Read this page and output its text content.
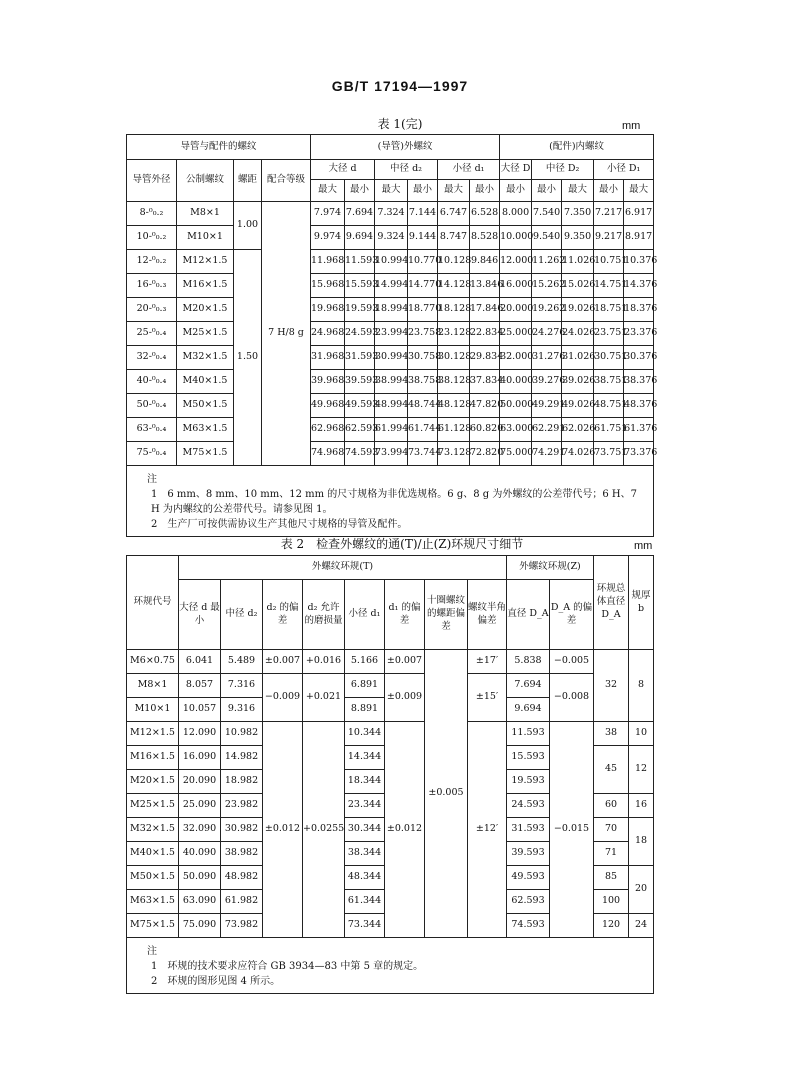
GB/T 17194—1997
表 1(完)	mm
导管与配件的螺纹				(导管)外螺纹						(配件)内螺纹				
导管外径	公制螺纹	螺距	配合等级	大径 d		中径 d₂		小径 d₁		大径 D	中径 D₂		小径 D₁	
				最大	最小	最大	最小	最大	最小	最小	最小	最大	最小	最大
8-⁰₀.₂	M8×1	1.00	7 H/8 g	7.974	7.694	7.324	7.144	6.747	6.528	8.000	7.540	7.350	7.217	6.917
10-⁰₀.₂	M10×1			9.974	9.694	9.324	9.144	8.747	8.528	10.000	9.540	9.350	9.217	8.917
12-⁰₀.₂	M12×1.5	1.50		11.968	11.593	10.994	10.770	10.128	9.846	12.000	11.262	11.026	10.751	10.376
16-⁰₀.₃	M16×1.5			15.968	15.593	14.994	14.770	14.128	13.846	16.000	15.262	15.026	14.751	14.376
20-⁰₀.₃	M20×1.5			19.968	19.593	18.994	18.770	18.128	17.846	20.000	19.262	19.026	18.751	18.376
25-⁰₀.₄	M25×1.5			24.968	24.593	23.994	23.758	23.128	22.834	25.000	24.276	24.026	23.751	23.376
32-⁰₀.₄	M32×1.5			31.968	31.593	30.994	30.758	30.128	29.834	32.000	31.276	31.026	30.751	30.376
40-⁰₀.₄	M40×1.5			39.968	39.593	38.994	38.758	38.128	37.834	40.000	39.276	39.026	38.751	38.376
50-⁰₀.₄	M50×1.5			49.968	49.593	48.994	48.744	48.128	47.820	50.000	49.291	49.026	48.751	48.376
63-⁰₀.₄	M63×1.5			62.968	62.593	61.994	61.744	61.128	60.820	63.000	62.291	62.026	61.751	61.376
75-⁰₀.₄	M75×1.5			74.968	74.593	73.994	73.744	73.128	72.820	75.000	74.291	74.026	73.751	73.376

注
1　6 mm、8 mm、10 mm、12 mm 的尺寸规格为非优选规格。6 g、8 g 为外螺纹的公差带代号；6 H、7 H 为内螺纹的公差带代号。请参见图 1。
2　生产厂可按供需协议生产其他尺寸规格的导管及配件。														
表 2　检查外螺纹的通(T)/止(Z)环规尺寸细节	mm
环规代号	外螺纹环规(T)								外螺纹环规(Z)		环规总体直径 D_A	规厚 b
	大径 d 最小	中径 d₂	d₂ 的偏差	d₂ 允许的磨损量	小径 d₁	d₁ 的偏差	十圈螺纹的螺距偏差	螺纹半角偏差	直径 D_A	D_A 的偏差		
M6×0.75	6.041	5.489	±0.007	+0.016	5.166	±0.007	±0.005	±17′	5.838	−0.005	32	8
M8×1	8.057	7.316	−0.009	+0.021	6.891	±0.009		±15′	7.694	−0.008		
M10×1	10.057	9.316			8.891				9.694			
M12×1.5	12.090	10.982	±0.012	+0.0255	10.344	±0.012		±12′	11.593	−0.015	38	10
M16×1.5	16.090	14.982			14.344				15.593		45	12
M20×1.5	20.090	18.982			18.344				19.593			
M25×1.5	25.090	23.982			23.344				24.593		60	16
M32×1.5	32.090	30.982			30.344				31.593		70	18
M40×1.5	40.090	38.982			38.344				39.593		71	
M50×1.5	50.090	48.982			48.344				49.593		85	20
M63×1.5	63.090	61.982			61.344				62.593		100	
M75×1.5	75.090	73.982			73.344				74.593		120	24

注
1　环规的技术要求应符合 GB 3934—83 中第 5 章的规定。
2　环规的图形见图 4 所示。												
